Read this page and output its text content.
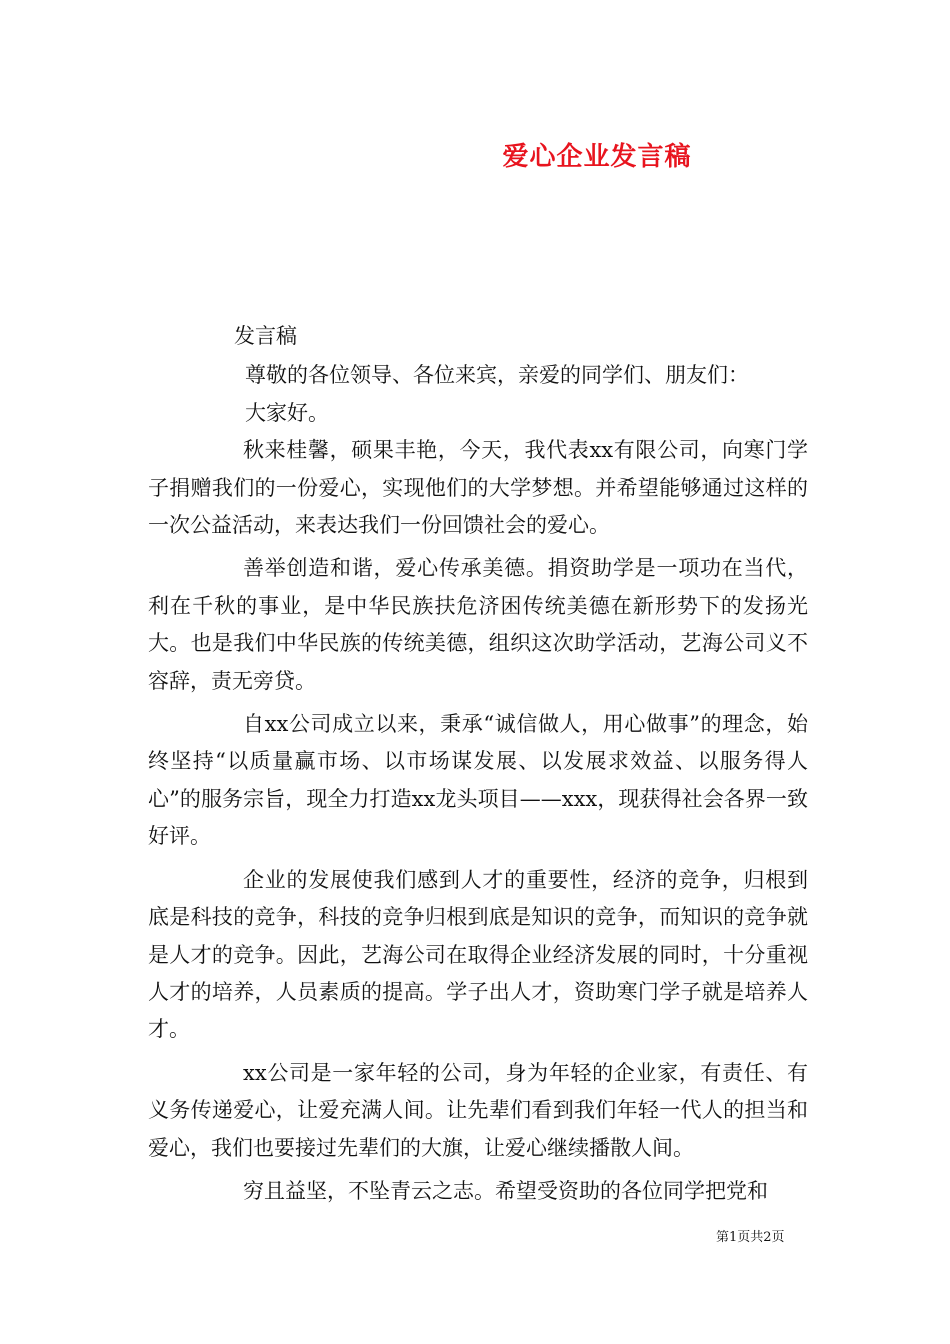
爱心企业发言稿

发言稿

尊敬的各位领导、各位来宾，亲爱的同学们、朋友们：

大家好。

秋来桂馨，硕果丰艳，今天，我代表xx有限公司，向寒门学子捐赠我们的一份爱心，实现他们的大学梦想。并希望能够通过这样的一次公益活动，来表达我们一份回馈社会的爱心。

善举创造和谐，爱心传承美德。捐资助学是一项功在当代，利在千秋的事业，是中华民族扶危济困传统美德在新形势下的发扬光大。也是我们中华民族的传统美德，组织这次助学活动，艺海公司义不容辞，责无旁贷。

自xx公司成立以来，秉承“诚信做人，用心做事”的理念，始终坚持“以质量赢市场、以市场谋发展、以发展求效益、以服务得人心”的服务宗旨，现全力打造xx龙头项目——xxx，现获得社会各界一致好评。

企业的发展使我们感到人才的重要性，经济的竞争，归根到底是科技的竞争，科技的竞争归根到底是知识的竞争，而知识的竞争就是人才的竞争。因此，艺海公司在取得企业经济发展的同时，十分重视人才的培养，人员素质的提高。学子出人才，资助寒门学子就是培养人才。

xx公司是一家年轻的公司，身为年轻的企业家，有责任、有义务传递爱心，让爱充满人间。让先辈们看到我们年轻一代人的担当和爱心，我们也要接过先辈们的大旗，让爱心继续播散人间。

穷且益坚，不坠青云之志。希望受资助的各位同学把党和

第1页共2页
